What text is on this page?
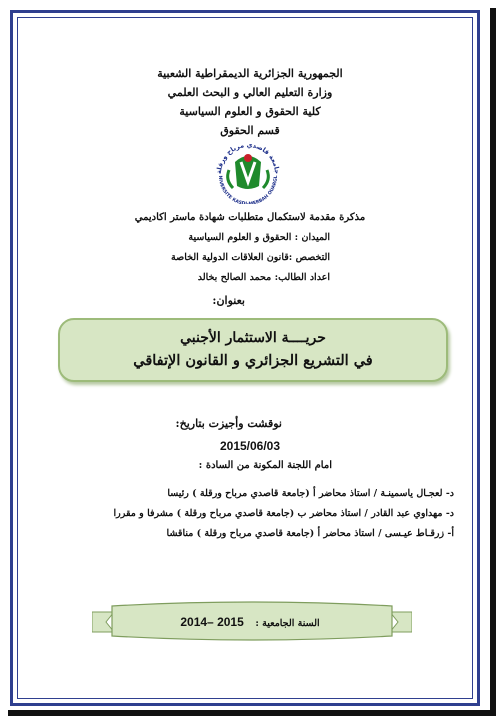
الجمهورية الجزائرية الديمقراطية الشعبية
وزارة التعليم العالي و البحث العلمي
كلية الحقوق و العلوم السياسية
قسم الحقوق
جامعة قاصدي مرباح ورقلة
NIVERSITE KAS ERBAH OUARGL
مذكرة مقدمة لاستكمال متطلبات شهادة ماستر اكاديمي
الميدان : الحقوق و العلوم السياسية
التخصص :قانون العلاقات الدولية الخاصة
اعداد الطالب: محمد الصالح بخالد
بعنوان:
حريــــة الاستثمار الأجنبي
في التشريع الجزائري و القانون الإتفاقي
نوقشت وأجيزت بتاريخ:
2015/06/03
امام اللجنة المكونة من السادة :
د- لعجـال ياسمينـة / استاذ محاضر أ (جامعة قاصدي مرباح ورقلة ) رئيسا
د- مهداوي عبد القادر / استاذ محاضر ب (جامعة قاصدي مرباح ورقلة ) مشرفا و مقررا
أ- زرقـاط عيـسى / استاذ محاضر أ (جامعة قاصدي مرباح ورقلة ) مناقشا
السنة الجامعية : 2014– 2015
